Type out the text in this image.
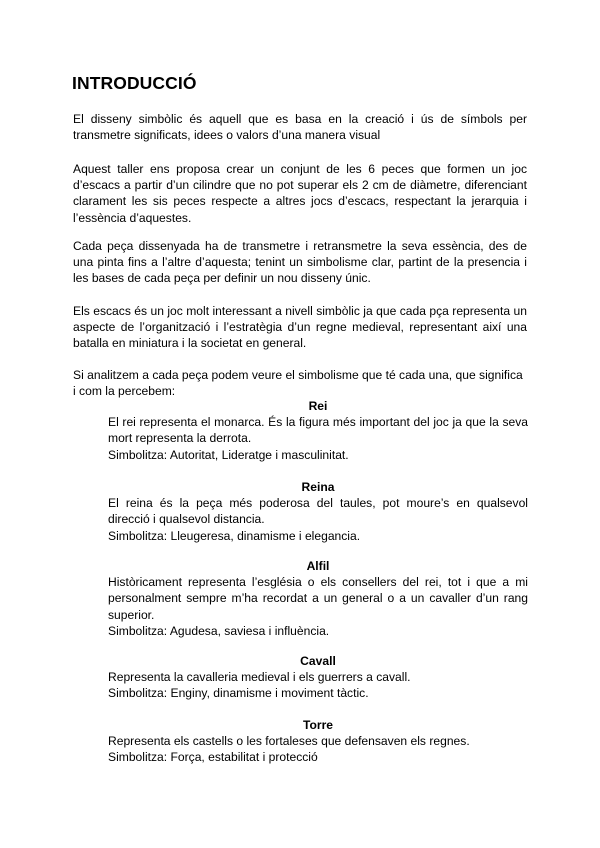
INTRODUCCIÓ

El disseny simbòlic és aquell que es basa en la creació i ús de símbols per transmetre significats, idees o valors d’una manera visual

Aquest taller ens proposa crear un conjunt de les 6 peces que formen un joc d’escacs a partir d’un cilindre que no pot superar els 2 cm de diàmetre, diferenciant clarament les sis peces respecte a altres jocs d’escacs, respectant la jerarquia i l’essència d’aquestes.

Cada peça dissenyada ha de transmetre i retransmetre la seva essència, des de una pinta fins a l’altre d’aquesta; tenint un simbolisme clar, partint de la presencia i les bases de cada peça per definir un nou disseny únic.

Els escacs és un joc molt interessant a nivell simbòlic ja que cada pça representa un aspecte de l’organització i l’estratègia d’un regne medieval, representant així una batalla en miniatura i la societat en general.

Si analitzem a cada peça podem veure el simbolisme que té cada una, que significa i com la percebem:

Rei

El rei representa el monarca. És la figura més important del joc ja que la seva mort representa la derrota.

Simbolitza: Autoritat, Lideratge i masculinitat.

Reina

El reina és la peça més poderosa del taules, pot moure’s en qualsevol direcció i qualsevol distancia.

Simbolitza: Lleugeresa, dinamisme i elegancia.

Alfil

Històricament representa l’església o els consellers del rei, tot i que a mi personalment sempre m’ha recordat a un general o a un cavaller d’un rang superior.

Simbolitza: Agudesa, saviesa i influència.

Cavall

Representa la cavalleria medieval i els guerrers a cavall.

Simbolitza: Enginy, dinamisme i moviment tàctic.

Torre

Representa els castells o les fortaleses que defensaven els regnes.

Simbolitza: Força, estabilitat i protecció
